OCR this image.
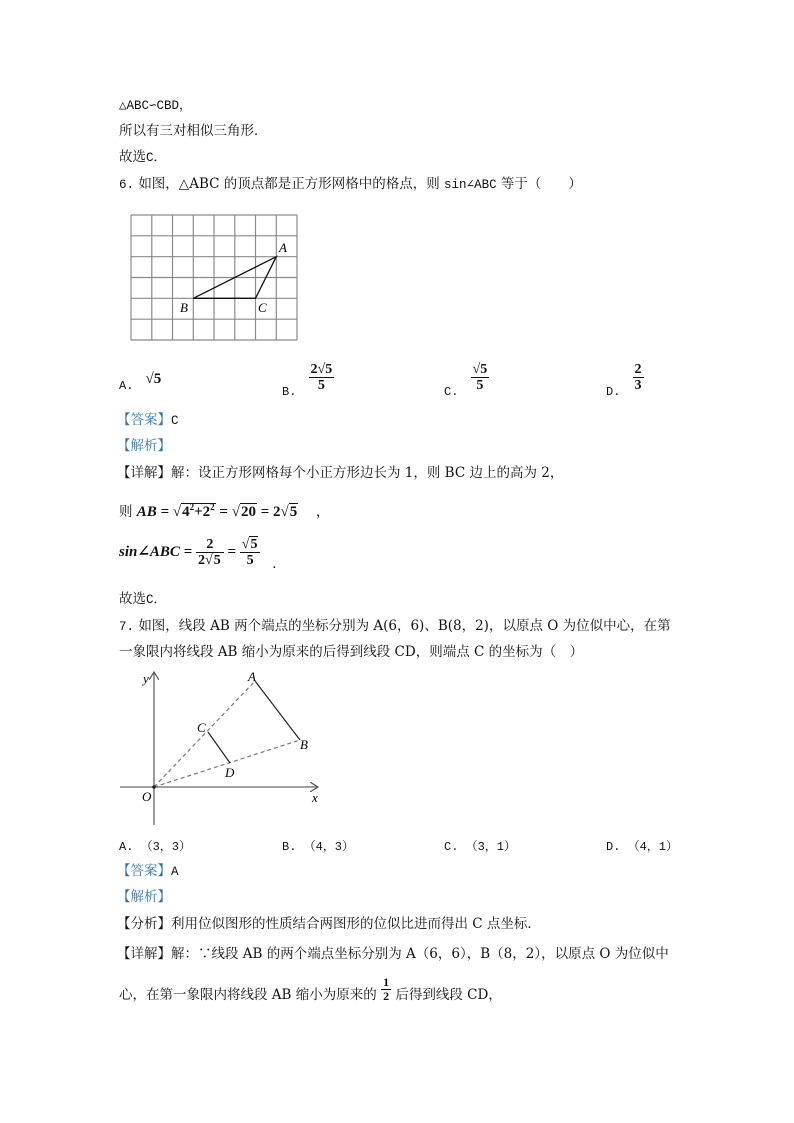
△ABC∽CBD，
所以有三对相似三角形．
故选C．
6. 如图，△ABC 的顶点都是正方形网格中的格点，则 sin∠ABC 等于（　　）
A
B	C
A. √5
B. $\frac{2√5}{5}$	C. $\frac{√5}{5}$	D. $\frac{2}{3}$
【答案】C
【解析】
【详解】解：设正方形网格每个小正方形边长为 1，则 BC 边上的高为 2，
则 AB = $√4^2+2^2 = √20 = 2√5$ ，
sin∠ABC = $\frac{2}{2√5} = \frac{√5}{5}$ ．
故选C．
7. 如图，线段 AB 两个端点的坐标分别为 A(6，6)、B(8，2)，以原点 O 为位似中心，在第
一象限内将线段 AB 缩小为原来的后得到线段 CD，则端点 C 的坐标为（　）
y
x
O
A
B
C
D
A. （3，3）	B. （4，3）	C. （3，1）	D. （4，1）
【答案】A
【解析】
【分析】利用位似图形的性质结合两图形的位似比进而得出 C 点坐标．
【详解】解：∵线段 AB 的两个端点坐标分别为 A（6，6），B（8，2），以原点 O 为位似中
心，在第一象限内将线段 AB 缩小为原来的 $\frac{1}{2}$ 后得到线段 CD，
